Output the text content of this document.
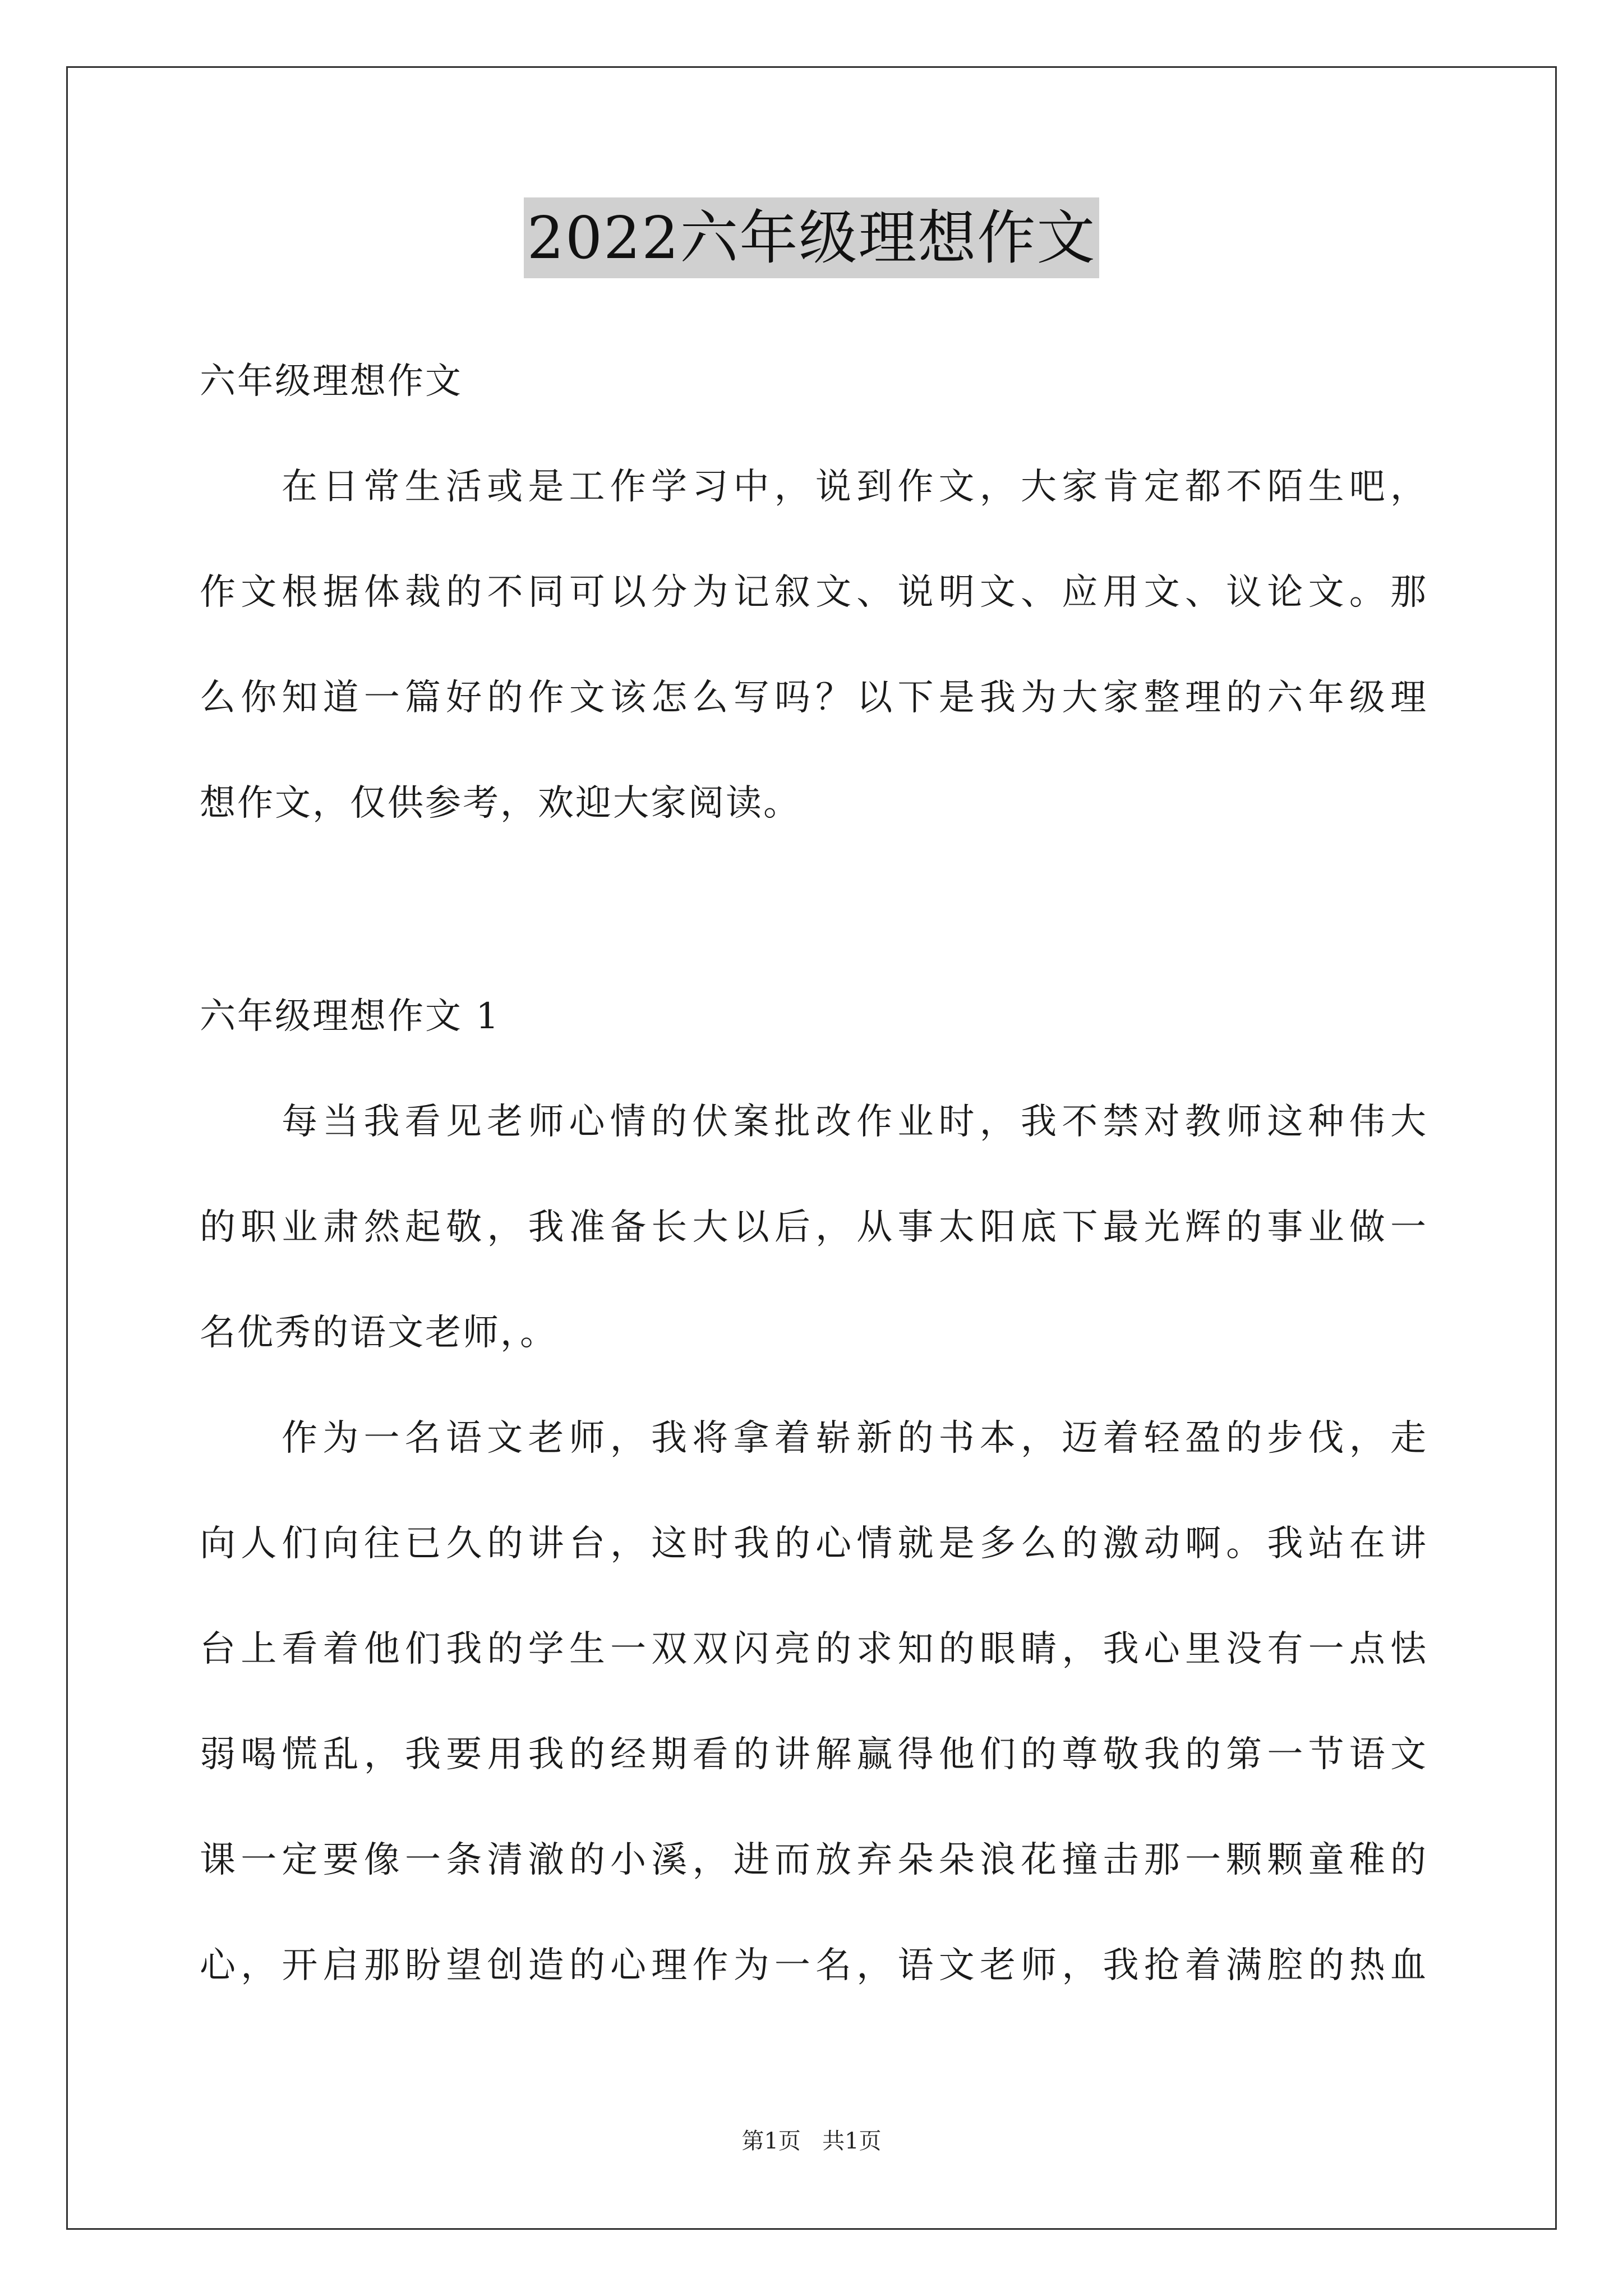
2022六年级理想作文
六年级理想作文
在日常生活或是工作学习中，说到作文，大家肯定都不陌生吧，
作文根据体裁的不同可以分为记叙文、说明文、应用文、议论文。那
么你知道一篇好的作文该怎么写吗？以下是我为大家整理的六年级理
想作文，仅供参考，欢迎大家阅读。
六年级理想作文 1
每当我看见老师心情的伏案批改作业时，我不禁对教师这种伟大
的职业肃然起敬，我准备长大以后，从事太阳底下最光辉的事业做一
名优秀的语文老师，。
作为一名语文老师，我将拿着崭新的书本，迈着轻盈的步伐，走
向人们向往已久的讲台，这时我的心情就是多么的激动啊。我站在讲
台上看着他们我的学生一双双闪亮的求知的眼睛，我心里没有一点怯
弱喝慌乱，我要用我的经期看的讲解赢得他们的尊敬我的第一节语文
课一定要像一条清澈的小溪，进而放弃朵朵浪花撞击那一颗颗童稚的
心，开启那盼望创造的心理作为一名，语文老师，我抢着满腔的热血
第1页 共1页
